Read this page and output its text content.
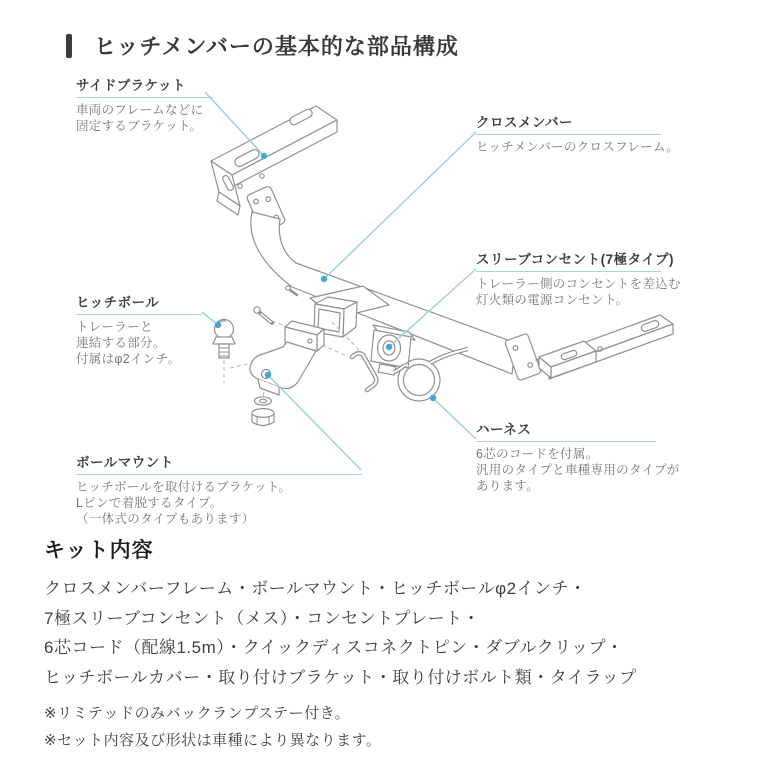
ヒッチメンバーの基本的な部品構成
サイドブラケット
車両のフレームなどに
固定するブラケット。	クロスメンバー
ヒッチメンバーのクロスフレーム。
スリーブコンセント(7極タイプ)
トレーラー側のコンセントを差込む
灯火類の電源コンセント。
ヒッチボール
トレーラーと
連結する部分。
付属はφ2インチ。
ハーネス
6芯のコードを付属。
汎用のタイプと車種専用のタイプが
あります。
ボールマウント
ヒッチボールを取付けるブラケット。
Lピンで着脱するタイプ。
（一体式のタイプもあります）
キット内容
クロスメンバーフレーム・ボールマウント・ヒッチボールφ2インチ・
7極スリーブコンセント（メス）・コンセントプレート・
6芯コード（配線1.5m）・クイックディスコネクトピン・ダブルクリップ・
ヒッチボールカバー・取り付けブラケット・取り付けボルト類・タイラップ
※リミテッドのみバックランプステー付き。
※セット内容及び形状は車種により異なります。
